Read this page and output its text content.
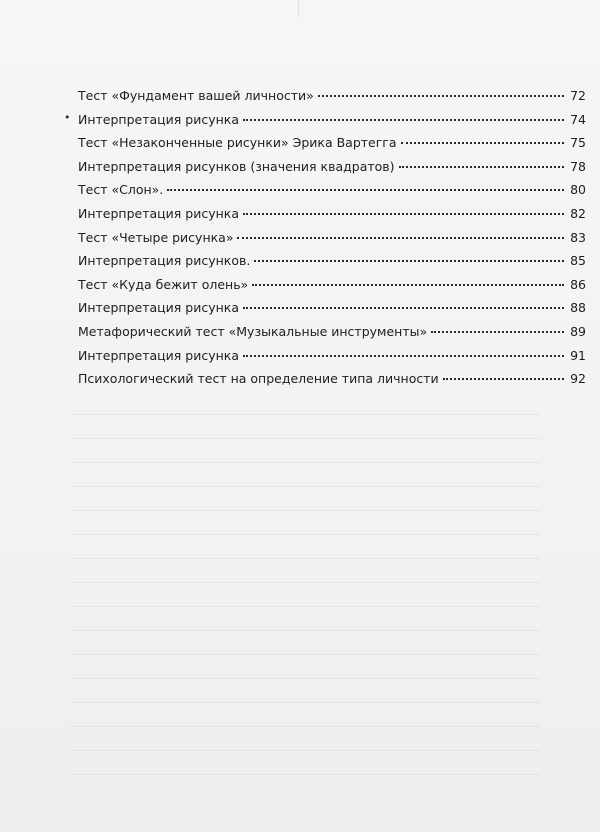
•
Тест «Фундамент вашей личности»	72
Интерпретация рисунка	74
Тест «Незаконченные рисунки» Эрика Вартегга	75
Интерпретация рисунков (значения квадратов)	78
Тест «Слон».	80
Интерпретация рисунка	82
Тест «Четыре рисунка»	83
Интерпретация рисунков.	85
Тест «Куда бежит олень»	86
Интерпретация рисунка	88
Метафорический тест «Музыкальные инструменты»	89
Интерпретация рисунка	91
Психологический тест на определение типа личности	92
